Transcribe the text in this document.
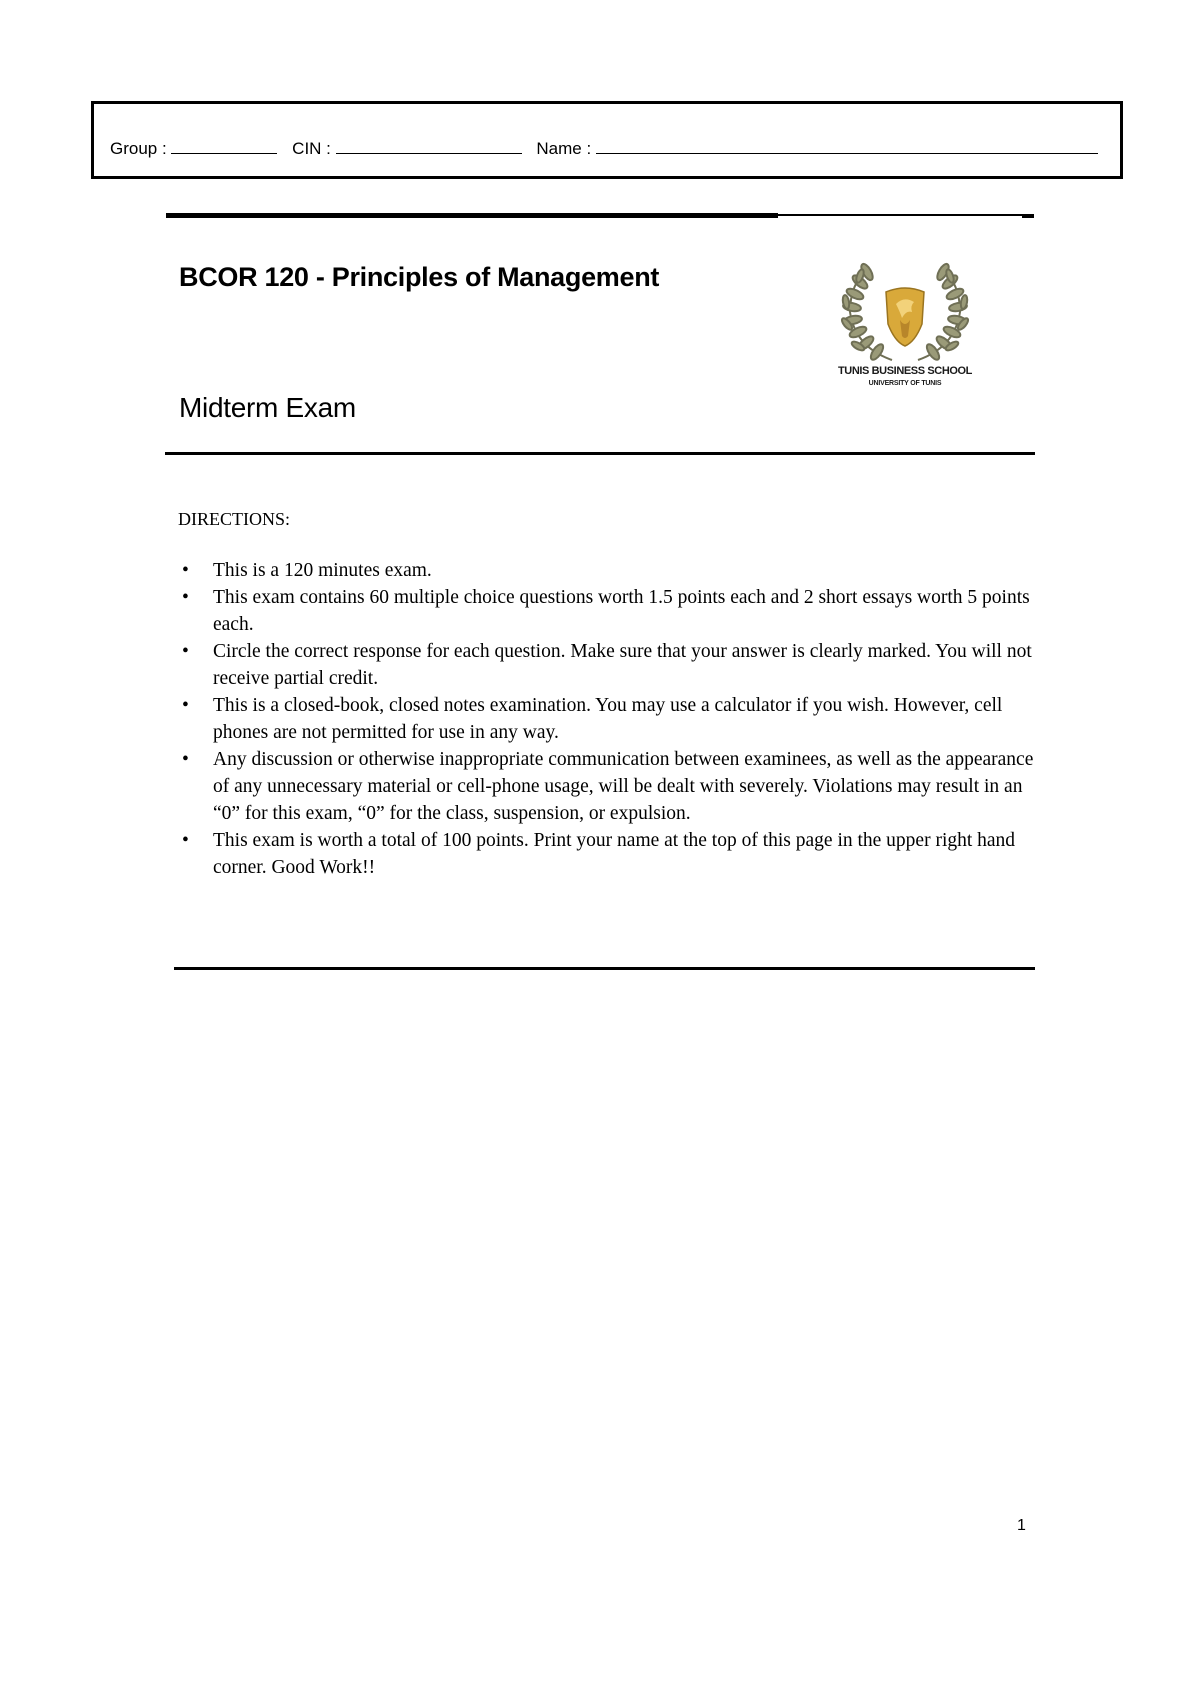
Group :	CIN :	Name :
BCOR 120 - Principles of Management
Midterm Exam
TUNIS BUSINESS SCHOOL
UNIVERSITY OF TUNIS
DIRECTIONS:
• This is a 120 minutes exam.
• This exam contains 60 multiple choice questions worth 1.5 points each and 2 short essays worth 5 points each.
• Circle the correct response for each question. Make sure that your answer is clearly marked. You will not receive partial credit.
• This is a closed-book, closed notes examination. You may use a calculator if you wish. However, cell phones are not permitted for use in any way.
• Any discussion or otherwise inappropriate communication between examinees, as well as the appearance of any unnecessary material or cell-phone usage, will be dealt with severely. Violations may result in an “0” for this exam, “0” for the class, suspension, or expulsion.
• This exam is worth a total of 100 points. Print your name at the top of this page in the upper right hand corner. Good Work!!
1
